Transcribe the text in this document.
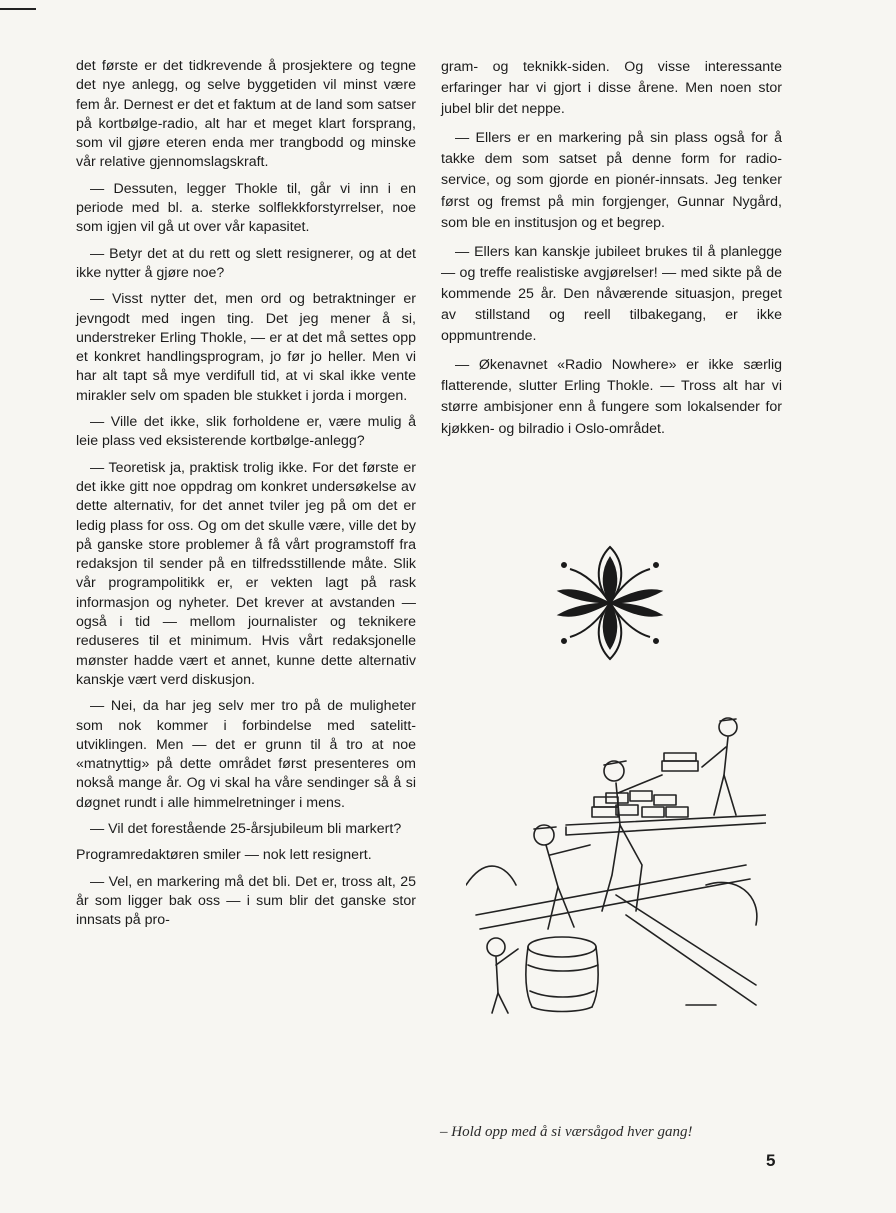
det første er det tidkrevende å prosjektere og tegne det nye anlegg, og selve byggetiden vil minst være fem år. Dernest er det et faktum at de land som satser på kortbølge-radio, alt har et meget klart forsprang, som vil gjøre eteren enda mer trangbodd og minske vår relative gjennomslagskraft.

— Dessuten, legger Thokle til, går vi inn i en periode med bl. a. sterke solflekkforstyrrelser, noe som igjen vil gå ut over vår kapasitet.

— Betyr det at du rett og slett resignerer, og at det ikke nytter å gjøre noe?

— Visst nytter det, men ord og betraktninger er jevngodt med ingen ting. Det jeg mener å si, understreker Erling Thokle, — er at det må settes opp et konkret handlingsprogram, jo før jo heller. Men vi har alt tapt så mye verdifull tid, at vi skal ikke vente mirakler selv om spaden ble stukket i jorda i morgen.

— Ville det ikke, slik forholdene er, være mulig å leie plass ved eksisterende kortbølge-anlegg?

— Teoretisk ja, praktisk trolig ikke. For det første er det ikke gitt noe oppdrag om konkret undersøkelse av dette alternativ, for det annet tviler jeg på om det er ledig plass for oss. Og om det skulle være, ville det by på ganske store problemer å få vårt programstoff fra redaksjon til sender på en tilfredsstillende måte. Slik vår programpolitikk er, er vekten lagt på rask informasjon og nyheter. Det krever at avstanden — også i tid — mellom journalister og teknikere reduseres til et minimum. Hvis vårt redaksjonelle mønster hadde vært et annet, kunne dette alternativ kanskje vært verd diskusjon.

— Nei, da har jeg selv mer tro på de muligheter som nok kommer i forbindelse med satelitt-utviklingen. Men — det er grunn til å tro at noe «matnyttig» på dette området først presenteres om nokså mange år. Og vi skal ha våre sendinger så å si døgnet rundt i alle himmelretninger i mens.

— Vil det forestående 25-årsjubileum bli markert?

Programredaktøren smiler — nok lett resignert.

— Vel, en markering må det bli. Det er, tross alt, 25 år som ligger bak oss — i sum blir det ganske stor innsats på pro-

gram- og teknikk-siden. Og visse interessante erfaringer har vi gjort i disse årene. Men noen stor jubel blir det neppe.

— Ellers er en markering på sin plass også for å takke dem som satset på denne form for radio-service, og som gjorde en pionér-innsats. Jeg tenker først og fremst på min forgjenger, Gunnar Nygård, som ble en institusjon og et begrep.

— Ellers kan kanskje jubileet brukes til å planlegge — og treffe realistiske avgjørelser! — med sikte på de kommende 25 år. Den nåværende situasjon, preget av stillstand og reell tilbakegang, er ikke oppmuntrende.

— Økenavnet «Radio Nowhere» er ikke særlig flatterende, slutter Erling Thokle. — Tross alt har vi større ambisjoner enn å fungere som lokalsender for kjøkken- og bilradio i Oslo-området.

– Hold opp med å si værsågod hver gang!
5
